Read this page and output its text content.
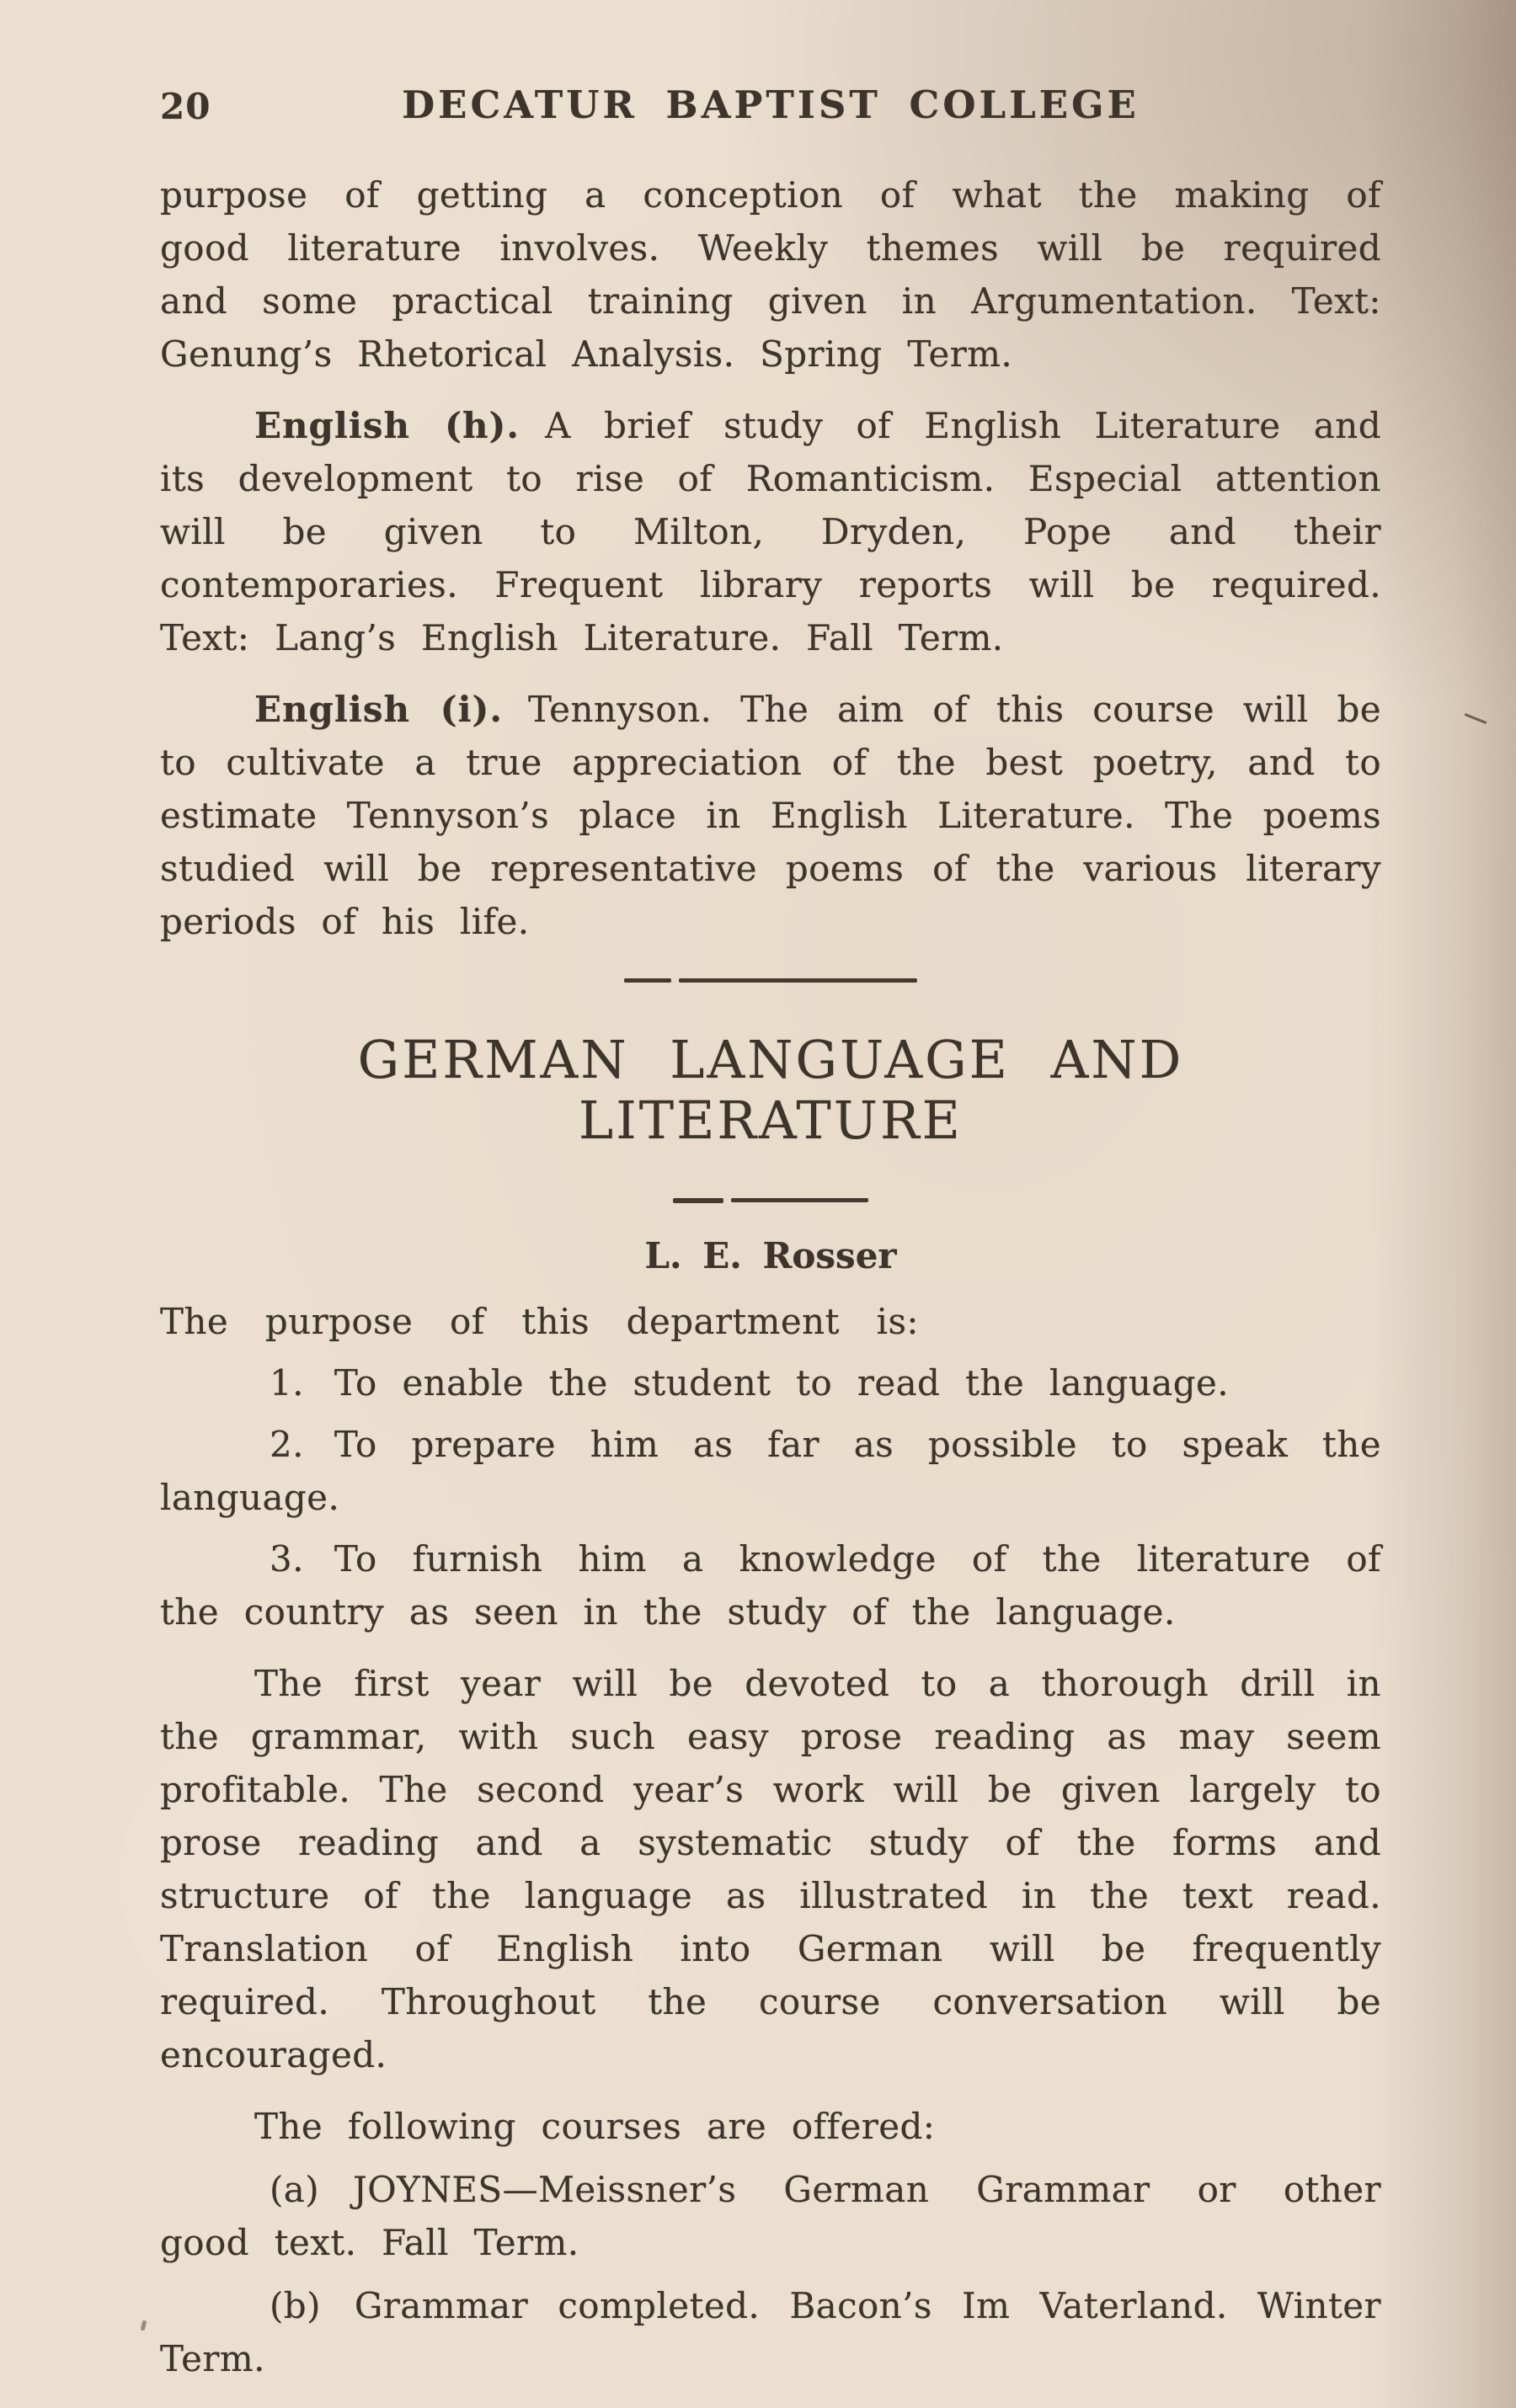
20	DECATUR BAPTIST COLLEGE

purpose of getting a conception of what the making of good literature involves. Weekly themes will be required and some practical training given in Argumentation. Text: Genung’s Rhetorical Analysis. Spring Term.

English (h). A brief study of English Literature and its development to rise of Romanticism. Especial attention will be given to Milton, Dryden, Pope and their contemporaries. Frequent library reports will be required. Text: Lang’s English Literature. Fall Term.

English (i). Tennyson. The aim of this course will be to cultivate a true appreciation of the best poetry, and to estimate Tennyson’s place in English Literature. The poems studied will be representative poems of the various literary periods of his life.

GERMAN LANGUAGE AND LITERATURE
L. E. Rosser

The purpose of this department is:

1. To enable the student to read the language.

2. To prepare him as far as possible to speak the language.

3. To furnish him a knowledge of the literature of the country as seen in the study of the language.

The first year will be devoted to a thorough drill in the grammar, with such easy prose reading as may seem profitable. The second year’s work will be given largely to prose reading and a systematic study of the forms and structure of the language as illustrated in the text read. Translation of English into German will be frequently required. Throughout the course conversation will be encouraged.

The following courses are offered:

(a) JOYNES—Meissner’s German Grammar or other good text. Fall Term.

(b) Grammar completed. Bacon’s Im Vaterland. Winter Term.
